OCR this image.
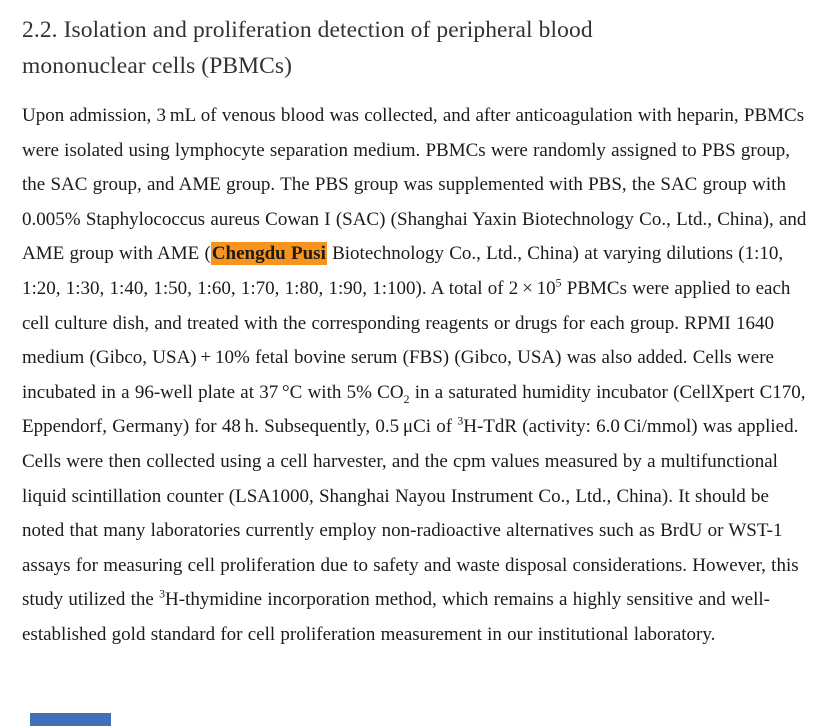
2.2. Isolation and proliferation detection of peripheral blood mononuclear cells (PBMCs)

Upon admission, 3 mL of venous blood was collected, and after anticoagulation with heparin, PBMCs were isolated using lymphocyte separation medium. PBMCs were randomly assigned to PBS group, the SAC group, and AME group. The PBS group was supplemented with PBS, the SAC group with 0.005% Staphylococcus aureus Cowan I (SAC) (Shanghai Yaxin Biotechnology Co., Ltd., China), and AME group with AME (Chengdu Pusi Biotechnology Co., Ltd., China) at varying dilutions (1:10, 1:20, 1:30, 1:40, 1:50, 1:60, 1:70, 1:80, 1:90, 1:100). A total of $2 \times 10^5$ PBMCs were applied to each cell culture dish, and treated with the corresponding reagents or drugs for each group. RPMI 1640 medium (Gibco, USA) + 10% fetal bovine serum (FBS) (Gibco, USA) was also added. Cells were incubated in a 96-well plate at 37 °C with 5% $CO_2$ in a saturated humidity incubator (CellXpert C170, Eppendorf, Germany) for 48 h. Subsequently, 0.5 μCi of $^3$H-TdR (activity: 6.0 Ci/mmol) was applied. Cells were then collected using a cell harvester, and the cpm values measured by a multifunctional liquid scintillation counter (LSA1000, Shanghai Nayou Instrument Co., Ltd., China). It should be noted that many laboratories currently employ non-radioactive alternatives such as BrdU or WST-1 assays for measuring cell proliferation due to safety and waste disposal considerations. However, this study utilized the $^3$H-thymidine incorporation method, which remains a highly sensitive and well-established gold standard for cell proliferation measurement in our institutional laboratory.
